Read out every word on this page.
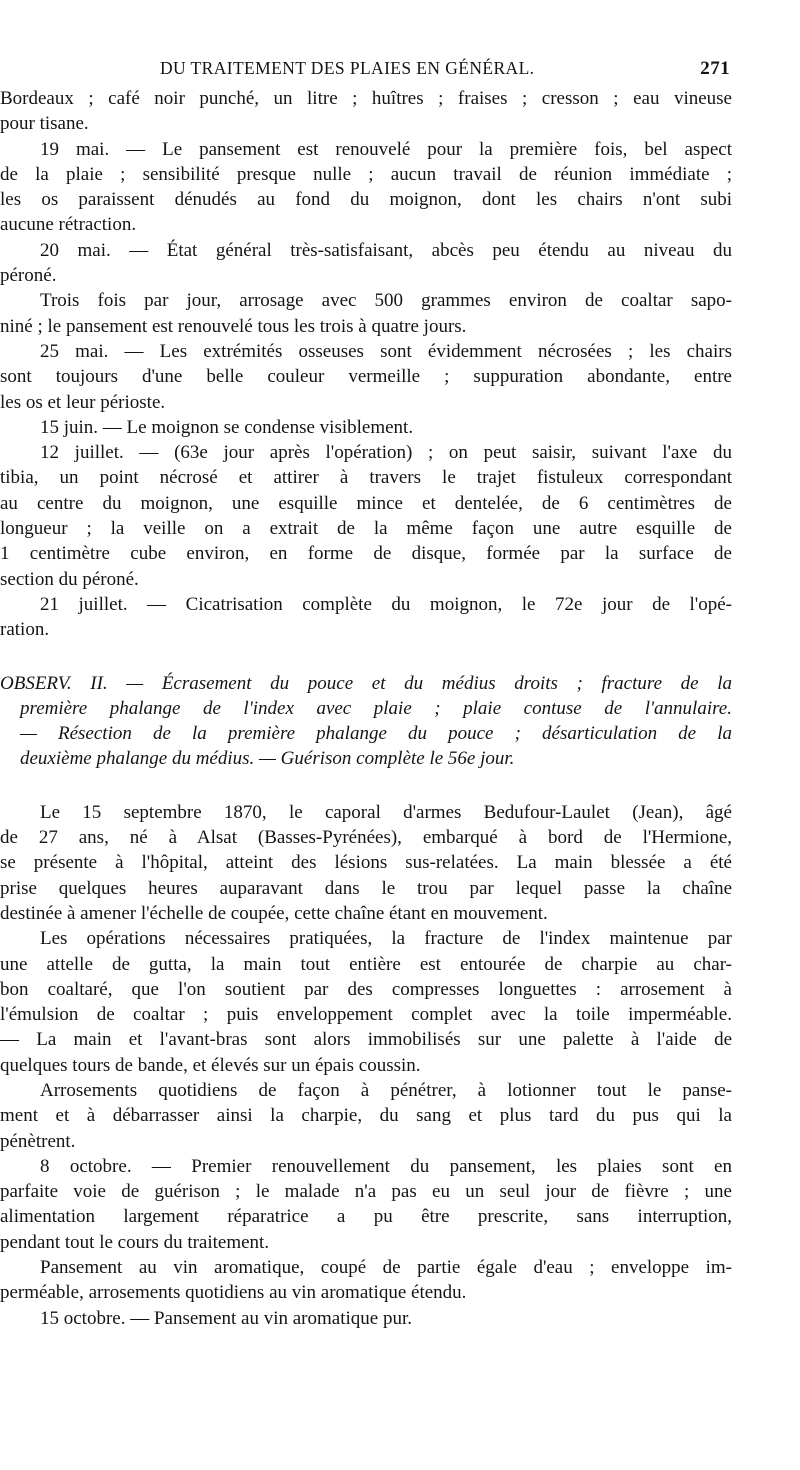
DU TRAITEMENT DES PLAIES EN GÉNÉRAL.	271
Bordeaux ; café noir punché, un litre ; huîtres ; fraises ; cresson ; eau vineuse
pour tisane.
19 mai. — Le pansement est renouvelé pour la première fois, bel aspect
de la plaie ; sensibilité presque nulle ; aucun travail de réunion immédiate ;
les os paraissent dénudés au fond du moignon, dont les chairs n'ont subi
aucune rétraction.
20 mai. — État général très-satisfaisant, abcès peu étendu au niveau du
péroné.
Trois fois par jour, arrosage avec 500 grammes environ de coaltar sapo-
niné ; le pansement est renouvelé tous les trois à quatre jours.
25 mai. — Les extrémités osseuses sont évidemment nécrosées ; les chairs
sont toujours d'une belle couleur vermeille ; suppuration abondante, entre
les os et leur périoste.
15 juin. — Le moignon se condense visiblement.
12 juillet. — (63e jour après l'opération) ; on peut saisir, suivant l'axe du
tibia, un point nécrosé et attirer à travers le trajet fistuleux correspondant
au centre du moignon, une esquille mince et dentelée, de 6 centimètres de
longueur ; la veille on a extrait de la même façon une autre esquille de
1 centimètre cube environ, en forme de disque, formée par la surface de
section du péroné.
21 juillet. — Cicatrisation complète du moignon, le 72e jour de l'opé-
ration.
OBSERV. II. — Écrasement du pouce et du médius droits ; fracture de la
première phalange de l'index avec plaie ; plaie contuse de l'annulaire.
— Résection de la première phalange du pouce ; désarticulation de la
deuxième phalange du médius. — Guérison complète le 56e jour.
Le 15 septembre 1870, le caporal d'armes Bedufour-Laulet (Jean), âgé
de 27 ans, né à Alsat (Basses-Pyrénées), embarqué à bord de l'Hermione,
se présente à l'hôpital, atteint des lésions sus-relatées. La main blessée a été
prise quelques heures auparavant dans le trou par lequel passe la chaîne
destinée à amener l'échelle de coupée, cette chaîne étant en mouvement.
Les opérations nécessaires pratiquées, la fracture de l'index maintenue par
une attelle de gutta, la main tout entière est entourée de charpie au char-
bon coaltaré, que l'on soutient par des compresses longuettes : arrosement à
l'émulsion de coaltar ; puis enveloppement complet avec la toile imperméable.
— La main et l'avant-bras sont alors immobilisés sur une palette à l'aide de
quelques tours de bande, et élevés sur un épais coussin.
Arrosements quotidiens de façon à pénétrer, à lotionner tout le panse-
ment et à débarrasser ainsi la charpie, du sang et plus tard du pus qui la
pénètrent.
8 octobre. — Premier renouvellement du pansement, les plaies sont en
parfaite voie de guérison ; le malade n'a pas eu un seul jour de fièvre ; une
alimentation largement réparatrice a pu être prescrite, sans interruption,
pendant tout le cours du traitement.
Pansement au vin aromatique, coupé de partie égale d'eau ; enveloppe im-
perméable, arrosements quotidiens au vin aromatique étendu.
15 octobre. — Pansement au vin aromatique pur.
